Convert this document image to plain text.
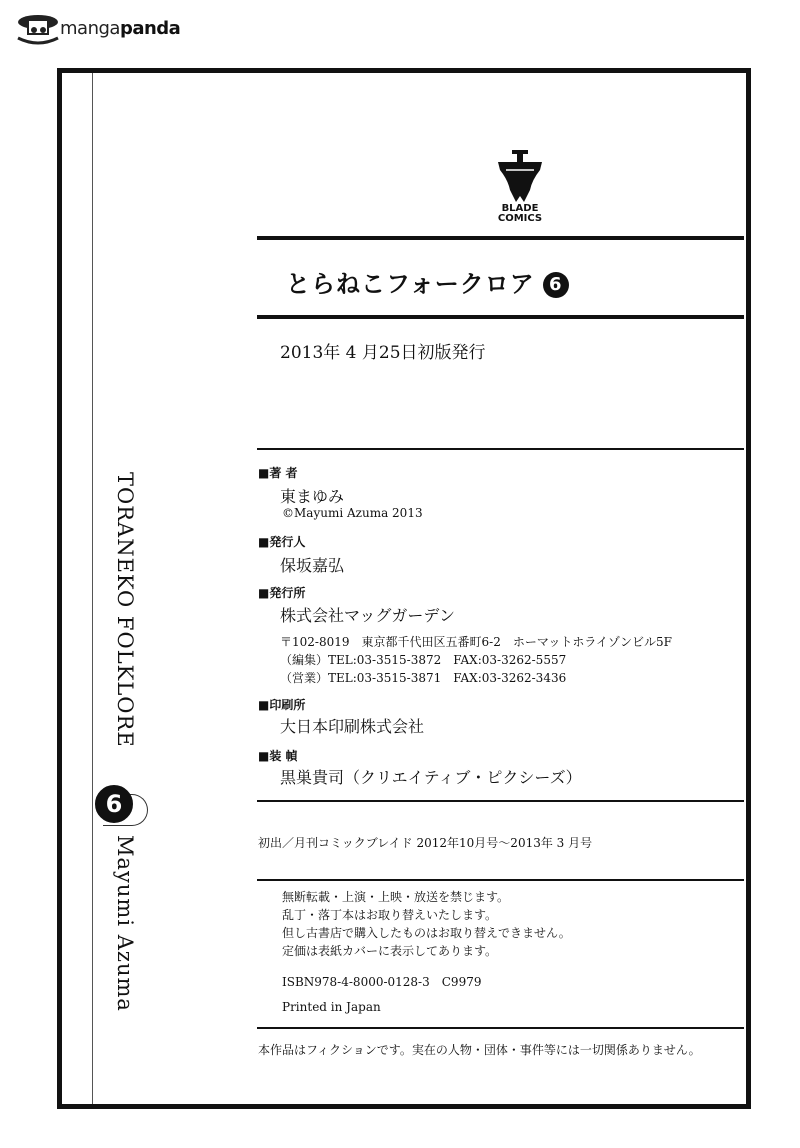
mangapanda
TORANEKO FOLKLORE
6
Mayumi Azuma
BLADE
COMICS
とらねこフォークロア 6
2013年 4 月25日初版発行
■著 者
東まゆみ
©Mayumi Azuma 2013
■発行人
保坂嘉弘
■発行所
株式会社マッグガーデン
〒102-8019　東京都千代田区五番町6-2　ホーマットホライゾンビル5F
（編集）TEL:03-3515-3872　FAX:03-3262-5557
（営業）TEL:03-3515-3871　FAX:03-3262-3436
■印刷所
大日本印刷株式会社
■装 幀
黒巣貴司（クリエイティブ・ピクシーズ）
初出／月刊コミックブレイド 2012年10月号～2013年 3 月号
無断転載・上演・上映・放送を禁じます。
乱丁・落丁本はお取り替えいたします。
但し古書店で購入したものはお取り替えできません。
定価は表紙カバーに表示してあります。
ISBN978-4-8000-0128-3　C9979
Printed in Japan
本作品はフィクションです。実在の人物・団体・事件等には一切関係ありません。
